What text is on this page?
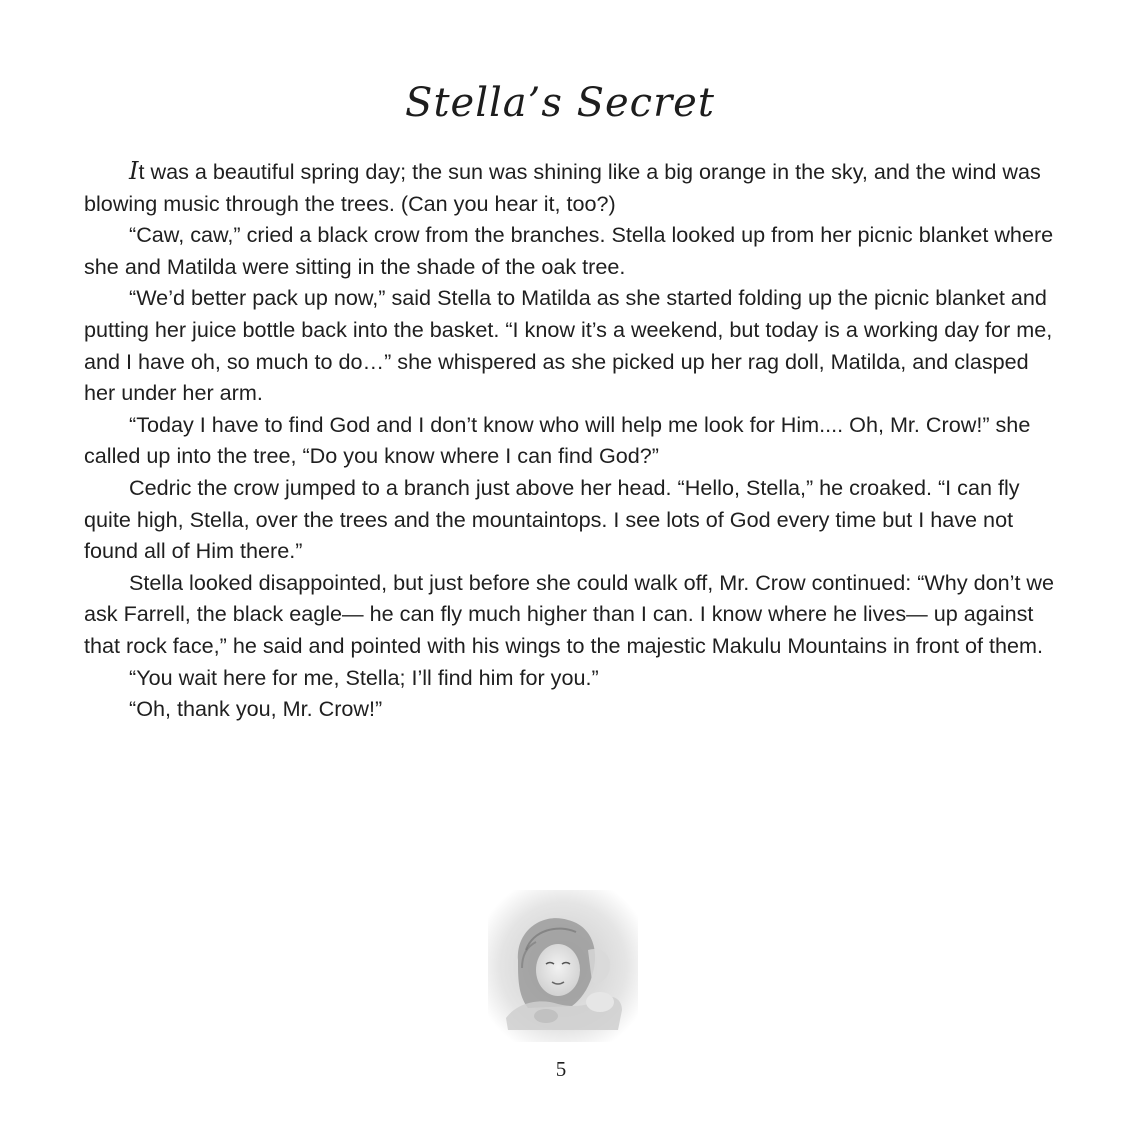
Stella’s Secret

It was a beautiful spring day; the sun was shining like a big orange in the sky, and the wind was blowing music through the trees. (Can you hear it, too?)

“Caw, caw,” cried a black crow from the branches. Stella looked up from her picnic blanket where she and Matilda were sitting in the shade of the oak tree.

“We’d better pack up now,” said Stella to Matilda as she started folding up the picnic blanket and putting her juice bottle back into the basket. “I know it’s a weekend, but today is a working day for me, and I have oh, so much to do…” she whispered as she picked up her rag doll, Matilda, and clasped her under her arm.

“Today I have to find God and I don’t know who will help me look for Him.... Oh, Mr. Crow!” she called up into the tree, “Do you know where I can find God?”

Cedric the crow jumped to a branch just above her head. “Hello, Stella,” he croaked. “I can fly quite high, Stella, over the trees and the mountaintops. I see lots of God every time but I have not found all of Him there.”

Stella looked disappointed, but just before she could walk off, Mr. Crow continued: “Why don’t we ask Farrell, the black eagle— he can fly much higher than I can. I know where he lives— up against that rock face,” he said and pointed with his wings to the majestic Makulu Mountains in front of them.

“You wait here for me, Stella; I’ll find him for you.”

“Oh, thank you, Mr. Crow!”

5
